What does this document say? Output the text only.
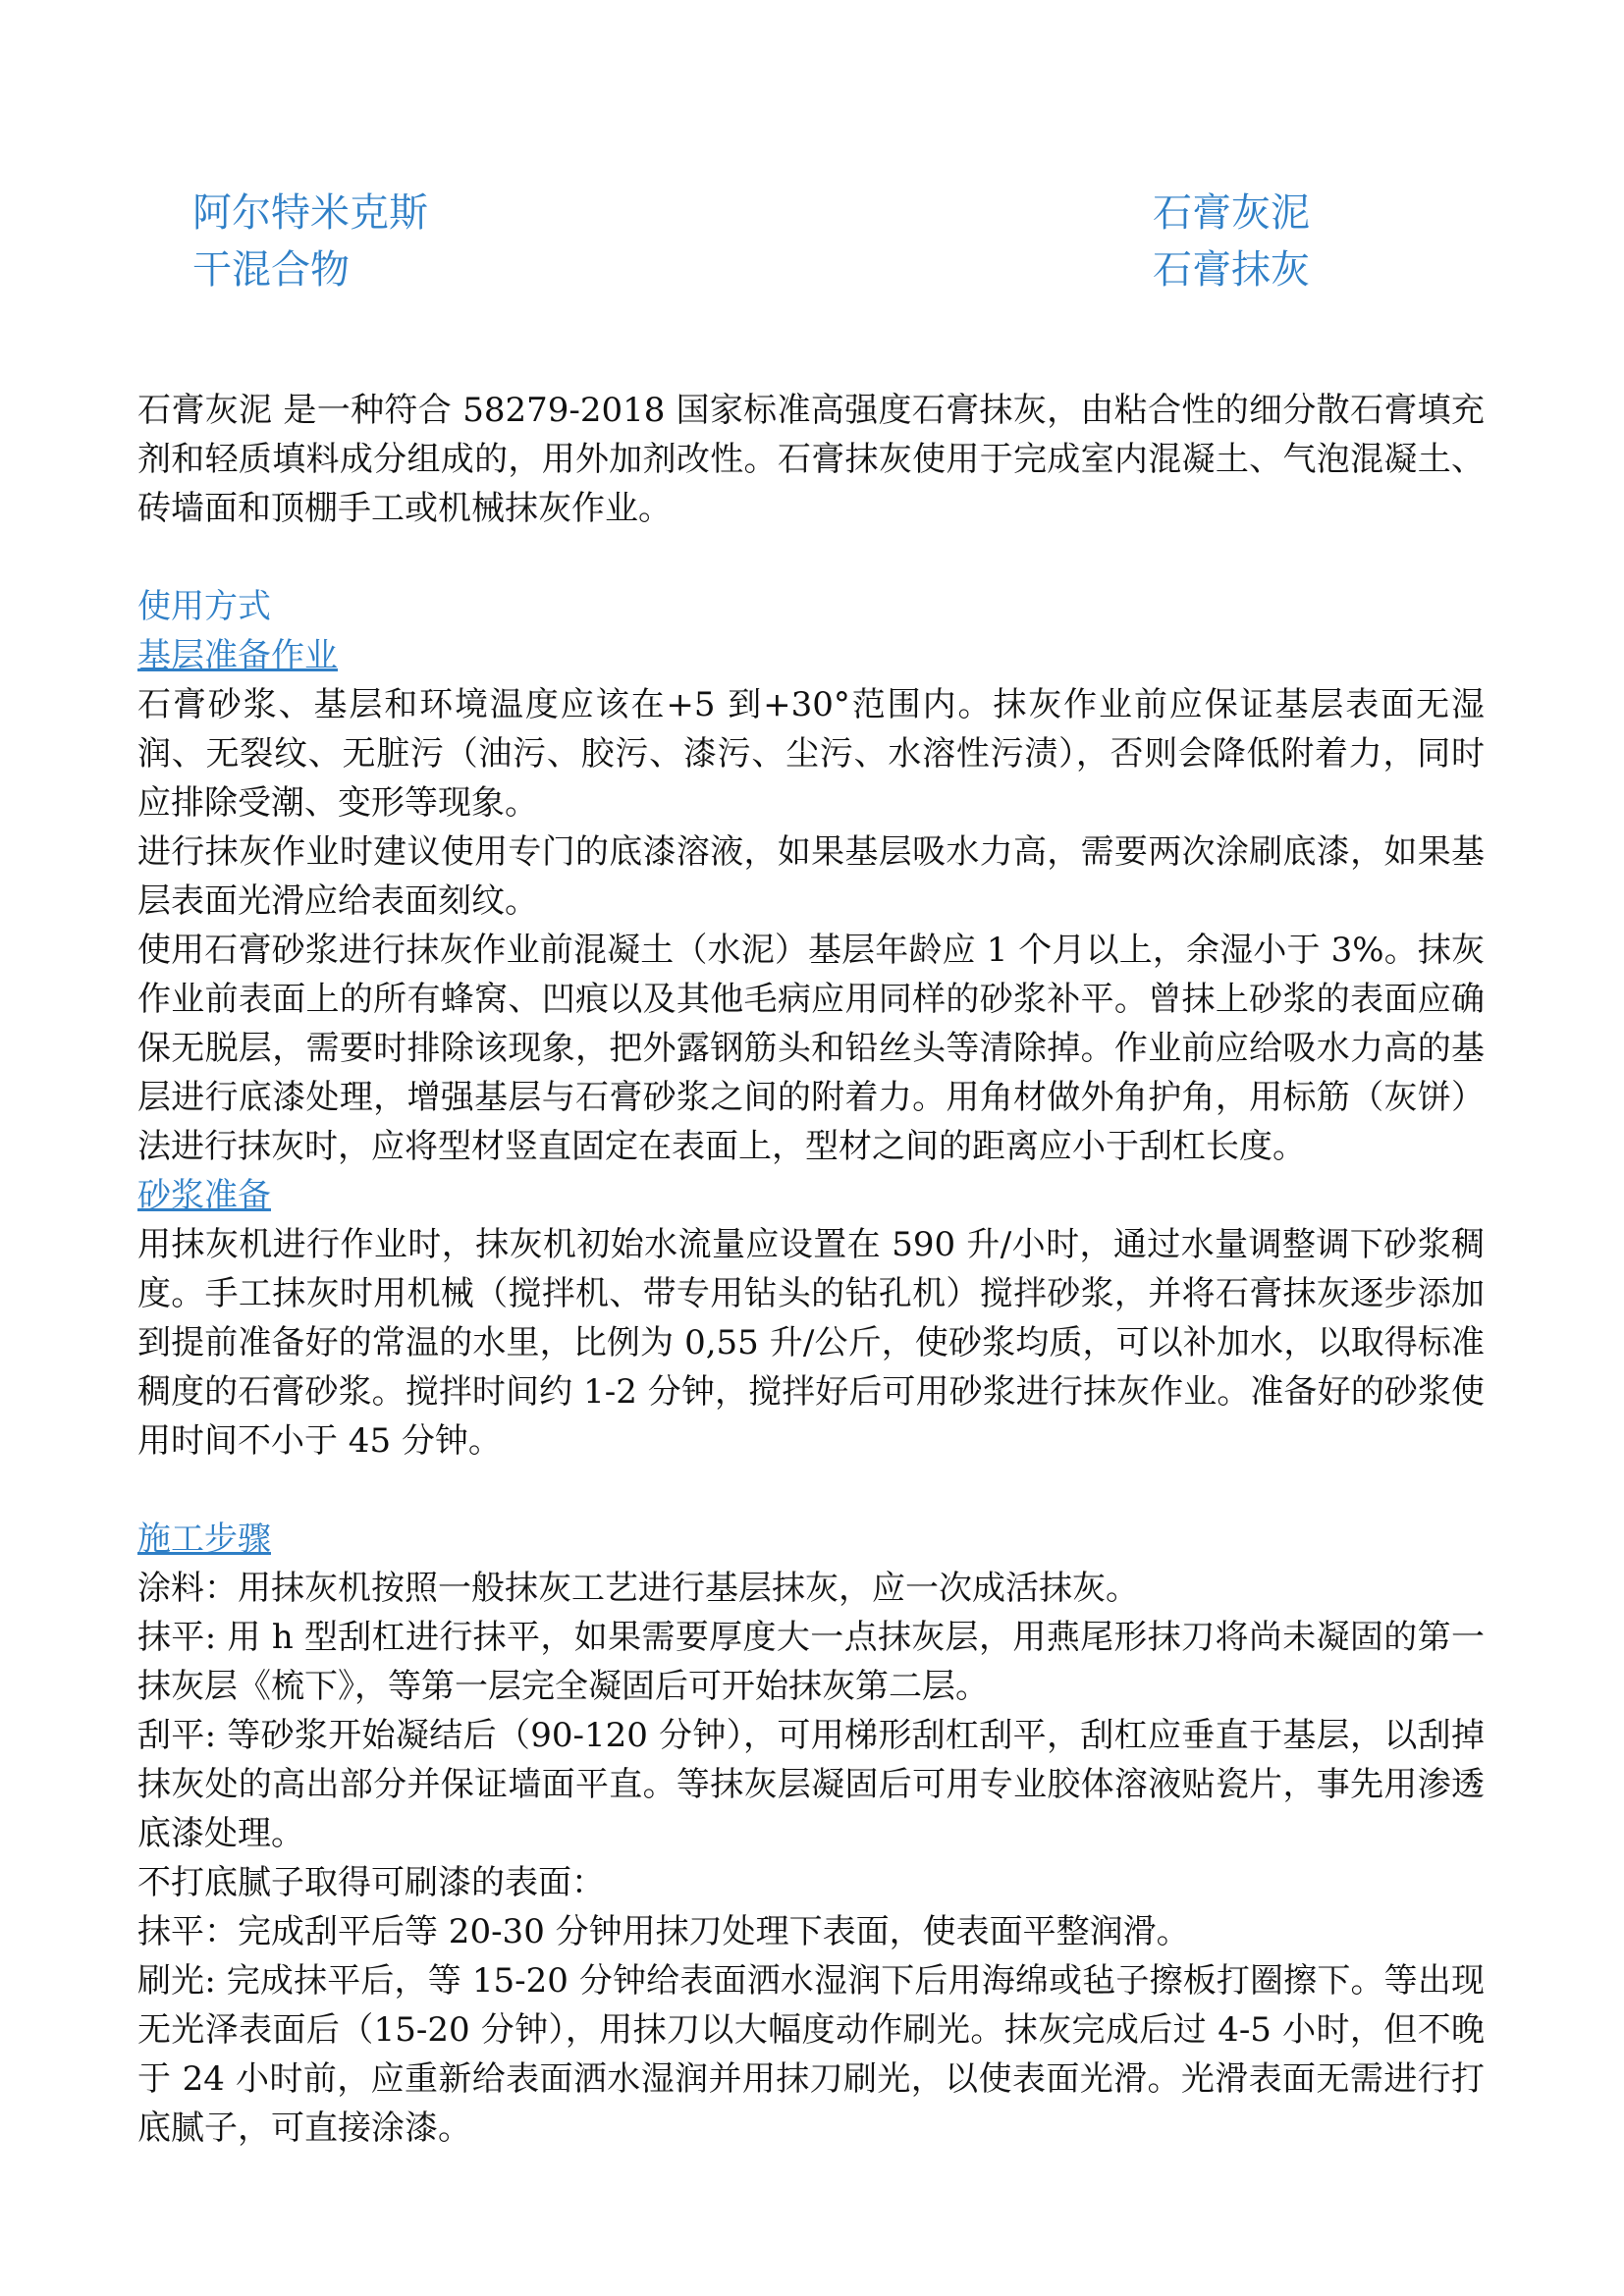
阿尔特米克斯
干混合物
石膏灰泥
石膏抹灰

石膏灰泥 是一种符合 58279-2018 国家标准高强度石膏抹灰，由粘合性的细分散石膏填充剂和轻质填料成分组成的，用外加剂改性。石膏抹灰使用于完成室内混凝土、气泡混凝土、砖墙面和顶棚手工或机械抹灰作业。

使用方式

基层准备作业

石膏砂浆、基层和环境温度应该在+5 到+30°范围内。抹灰作业前应保证基层表面无湿润、无裂纹、无脏污（油污、胶污、漆污、尘污、水溶性污渍），否则会降低附着力，同时应排除受潮、变形等现象。

进行抹灰作业时建议使用专门的底漆溶液，如果基层吸水力高，需要两次涂刷底漆，如果基层表面光滑应给表面刻纹。

使用石膏砂浆进行抹灰作业前混凝土（水泥）基层年龄应 1 个月以上，余湿小于 3%。抹灰作业前表面上的所有蜂窝、凹痕以及其他毛病应用同样的砂浆补平。曾抹上砂浆的表面应确保无脱层，需要时排除该现象，把外露钢筋头和铅丝头等清除掉。作业前应给吸水力高的基层进行底漆处理，增强基层与石膏砂浆之间的附着力。用角材做外角护角，用标筋（灰饼）法进行抹灰时，应将型材竖直固定在表面上，型材之间的距离应小于刮杠长度。

砂浆准备

用抹灰机进行作业时，抹灰机初始水流量应设置在 590 升/小时，通过水量调整调下砂浆稠度。手工抹灰时用机械（搅拌机、带专用钻头的钻孔机）搅拌砂浆，并将石膏抹灰逐步添加到提前准备好的常温的水里，比例为 0,55 升/公斤，使砂浆均质，可以补加水，以取得标准稠度的石膏砂浆。搅拌时间约 1-2 分钟，搅拌好后可用砂浆进行抹灰作业。准备好的砂浆使用时间不小于 45 分钟。

施工步骤

涂料：用抹灰机按照一般抹灰工艺进行基层抹灰，应一次成活抹灰。

抹平: 用 h 型刮杠进行抹平，如果需要厚度大一点抹灰层，用燕尾形抹刀将尚未凝固的第一抹灰层《梳下》，等第一层完全凝固后可开始抹灰第二层。

刮平: 等砂浆开始凝结后（90-120 分钟），可用梯形刮杠刮平，刮杠应垂直于基层，以刮掉抹灰处的高出部分并保证墙面平直。等抹灰层凝固后可用专业胶体溶液贴瓷片，事先用渗透底漆处理。

不打底腻子取得可刷漆的表面：

抹平：完成刮平后等 20-30 分钟用抹刀处理下表面，使表面平整润滑。

刷光: 完成抹平后，等 15-20 分钟给表面洒水湿润下后用海绵或毡子擦板打圈擦下。等出现无光泽表面后（15-20 分钟），用抹刀以大幅度动作刷光。抹灰完成后过 4-5 小时，但不晚于 24 小时前，应重新给表面洒水湿润并用抹刀刷光，以使表面光滑。光滑表面无需进行打底腻子，可直接涂漆。
